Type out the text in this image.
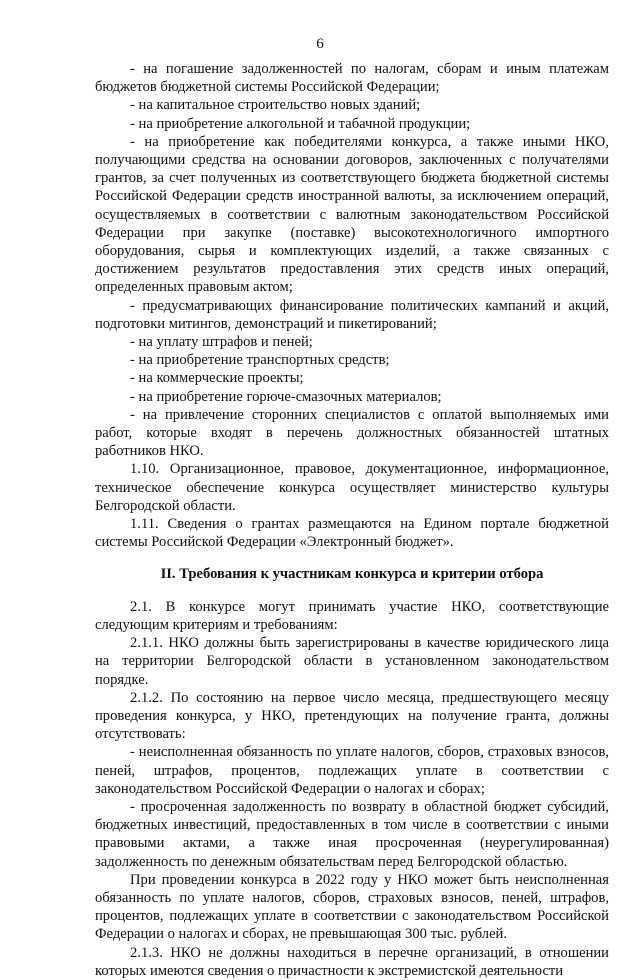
6

- на погашение задолженностей по налогам, сборам и иным платежам бюджетов бюджетной системы Российской Федерации;

- на капитальное строительство новых зданий;

- на приобретение алкогольной и табачной продукции;

- на приобретение как победителями конкурса, а также иными НКО, получающими средства на основании договоров, заключенных с получателями грантов, за счет полученных из соответствующего бюджета бюджетной системы Российской Федерации средств иностранной валюты, за исключением операций, осуществляемых в соответствии с валютным законодательством Российской Федерации при закупке (поставке) высокотехнологичного импортного оборудования, сырья и комплектующих изделий, а также связанных с достижением результатов предоставления этих средств иных операций, определенных правовым актом;

- предусматривающих финансирование политических кампаний и акций, подготовки митингов, демонстраций и пикетирований;

- на уплату штрафов и пеней;

- на приобретение транспортных средств;

- на коммерческие проекты;

- на приобретение горюче-смазочных материалов;

- на привлечение сторонних специалистов с оплатой выполняемых ими работ, которые входят в перечень должностных обязанностей штатных работников НКО.

1.10. Организационное, правовое, документационное, информационное, техническое обеспечение конкурса осуществляет министерство культуры Белгородской области.

1.11. Сведения о грантах размещаются на Едином портале бюджетной системы Российской Федерации «Электронный бюджет».

II. Требования к участникам конкурса и критерии отбора

2.1. В конкурсе могут принимать участие НКО, соответствующие следующим критериям и требованиям:

2.1.1. НКО должны быть зарегистрированы в качестве юридического лица на территории Белгородской области в установленном законодательством порядке.

2.1.2. По состоянию на первое число месяца, предшествующего месяцу проведения конкурса, у НКО, претендующих на получение гранта, должны отсутствовать:

- неисполненная обязанность по уплате налогов, сборов, страховых взносов, пеней, штрафов, процентов, подлежащих уплате в соответствии с законодательством Российской Федерации о налогах и сборах;

- просроченная задолженность по возврату в областной бюджет субсидий, бюджетных инвестиций, предоставленных в том числе в соответствии с иными правовыми актами, а также иная просроченная (неурегулированная) задолженность по денежным обязательствам перед Белгородской областью.

При проведении конкурса в 2022 году у НКО может быть неисполненная обязанность по уплате налогов, сборов, страховых взносов, пеней, штрафов, процентов, подлежащих уплате в соответствии с законодательством Российской Федерации о налогах и сборах, не превышающая 300 тыс. рублей.

2.1.3. НКО не должны находиться в перечне организаций, в отношении которых имеются сведения о причастности к экстремистской деятельности
